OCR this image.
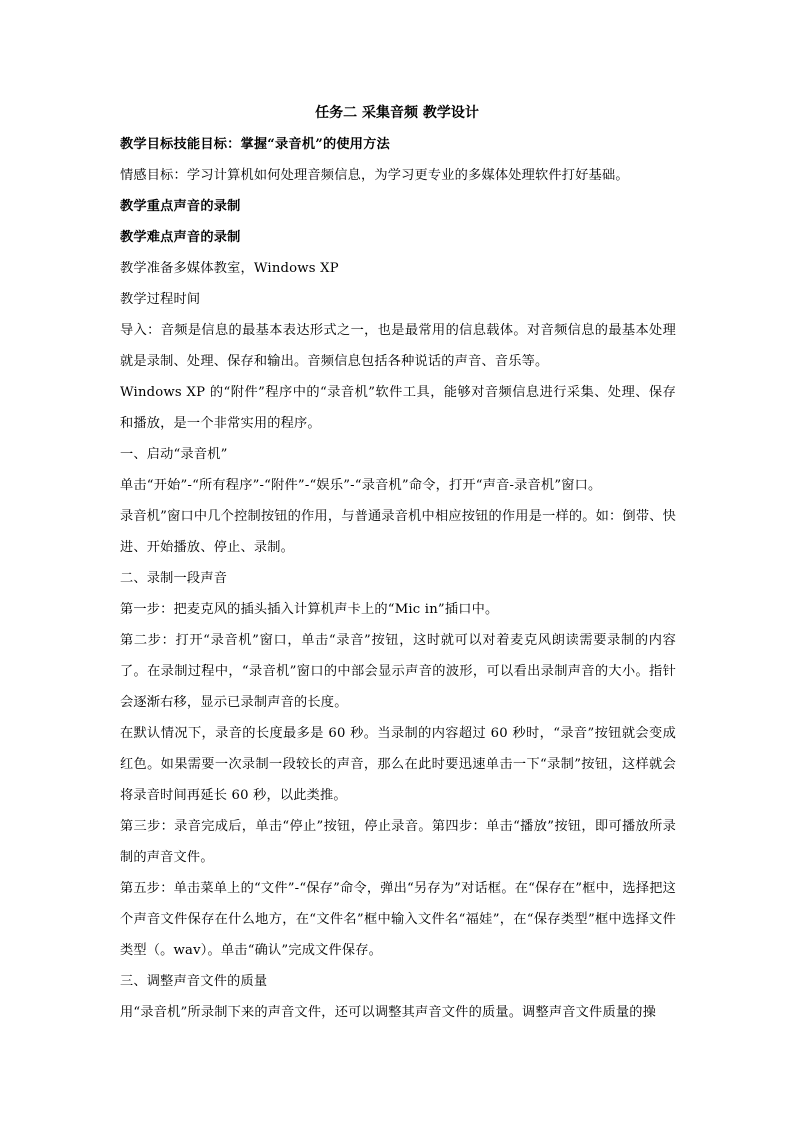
任务二 采集音频 教学设计

教学目标技能目标：掌握“录音机”的使用方法

情感目标：学习计算机如何处理音频信息，为学习更专业的多媒体处理软件打好基础。

教学重点声音的录制

教学难点声音的录制

教学准备多媒体教室，Windows XP

教学过程时间

导入：音频是信息的最基本表达形式之一，也是最常用的信息载体。对音频信息的最基本处理就是录制、处理、保存和输出。音频信息包括各种说话的声音、音乐等。

Windows XP 的“附件”程序中的“录音机”软件工具，能够对音频信息进行采集、处理、保存和播放，是一个非常实用的程序。

一、启动“录音机”

单击“开始”-“所有程序”-“附件”-“娱乐”-“录音机”命令，打开“声音-录音机”窗口。

录音机”窗口中几个控制按钮的作用，与普通录音机中相应按钮的作用是一样的。如：倒带、快进、开始播放、停止、录制。

二、录制一段声音

第一步：把麦克风的插头插入计算机声卡上的“Mic in”插口中。

第二步：打开“录音机”窗口，单击“录音”按钮，这时就可以对着麦克风朗读需要录制的内容了。在录制过程中，“录音机”窗口的中部会显示声音的波形，可以看出录制声音的大小。指针会逐渐右移，显示已录制声音的长度。

在默认情况下，录音的长度最多是 60 秒。当录制的内容超过 60 秒时，“录音”按钮就会变成红色。如果需要一次录制一段较长的声音，那么在此时要迅速单击一下“录制”按钮，这样就会将录音时间再延长 60 秒，以此类推。

第三步：录音完成后，单击“停止”按钮，停止录音。第四步：单击“播放”按钮，即可播放所录制的声音文件。

第五步：单击菜单上的“文件”-“保存”命令，弹出“另存为”对话框。在“保存在”框中，选择把这个声音文件保存在什么地方，在“文件名”框中输入文件名“福娃”，在“保存类型”框中选择文件类型（。wav）。单击“确认”完成文件保存。

三、调整声音文件的质量

用“录音机”所录制下来的声音文件，还可以调整其声音文件的质量。调整声音文件质量的操
